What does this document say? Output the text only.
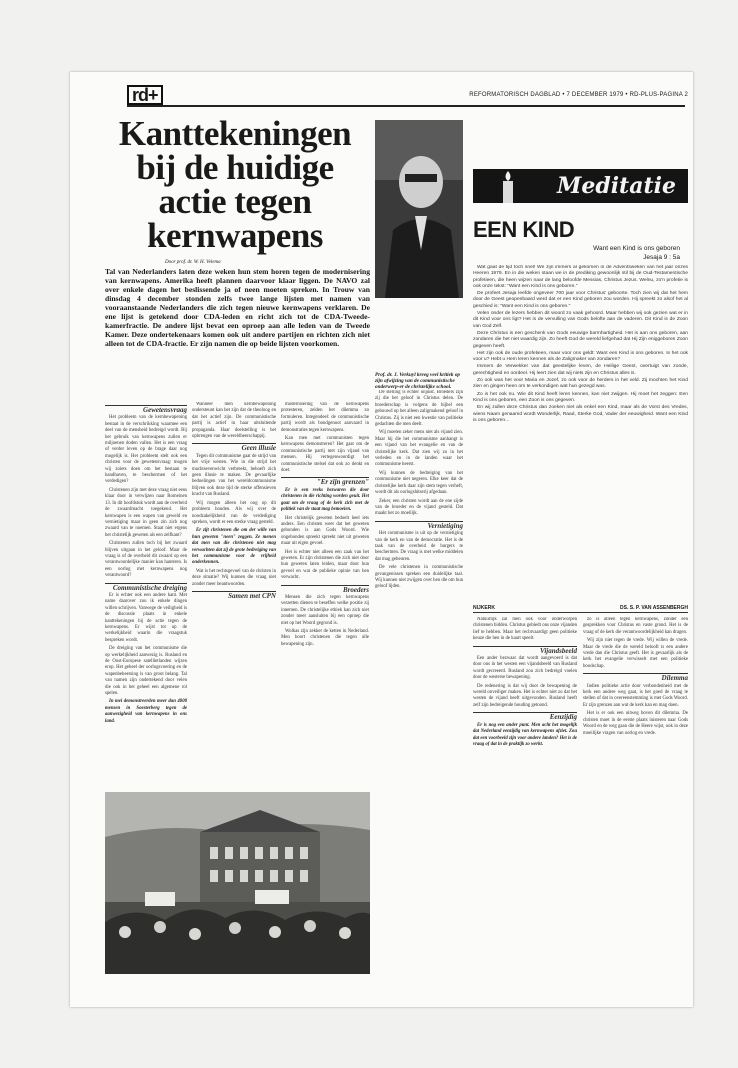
rd+	REFORMATORISCH DAGBLAD • 7 DECEMBER 1979 • RD-PLUS-PAGINA 2
Kanttekeningen bij de huidige actie tegen kernwapens
Door prof. dr. W. H. Velema
Tal van Nederlanders laten deze weken hun stem horen tegen de modernisering van kernwapens. Amerika heeft plannen daarvoor klaar liggen. De NAVO zal over enkele dagen het beslissende ja of neen moeten spreken. In Trouw van dinsdag 4 december stonden zelfs twee lange lijsten met namen van vooraanstaande Nederlanders die zich tegen nieuwe kernwapens verklaren. De ene lijst is getekend door CDA-leden en richt zich tot de CDA-Tweede-kamerfractie. De andere lijst bevat een oproep aan alle leden van de Tweede Kamer. Deze ondertekenaars komen ook uit andere partijen en richten zich niet alleen tot de CDA-fractie. Er zijn namen die op beide lijsten voorkomen.
Prof. dr. J. Verkuyl kreeg veel kritiek op zijn afwijzing van de communistische onderwerp-er de christelijke school.
Gewetensvraag

Het probleem van de kernbewapening bestaat in de verschrikking waarmee een deel van de mensheid bedreigd wordt. Bij het gebruik van kernwapens zullen er miljoenen doden vallen. Het is een vraag of verder leven op de brage daar nog mogelijk is. Het probleem stelt ook een christen voor de gewetensvraag: mogen wij zoiets doen om het bestaan te handhaven, te beschermen of het verdedigen?

Christenen zijn met deze vraag niet eens klaar door in verwijzen naar Romeinen 13. In dit hoofdstuk wordt aan de overheid de zwaardmacht toegekend. Het kernwapen is een wapen van geweld en vernietiging maar in geen zin zich nog zwaard van te noemen. Staat niet ergens het christelijk geweten als een zelfkant?

Christenen zullen toch bij het zwaard blijven uitgaan in het geloof. Maar de vraag is of de overheid dit zwaard op een verantwoordelijke manier kan hanteren. Is een oorlog met kernwapens nog verantwoord?

Communistische dreiging

Er is echter ook een andere kant. Met name daarover zou ik enkele dingen willen schrijven. Vanwege de veiligheid is de discussie plaats in enkele kanttekeningen bij de actie tegen de kernwapens. Er wijst tot op de werkelijkheid waarin die vraagstuk bespreken wordt.

De dreiging van het communisme die op werkelijkheid aanwezig is. Rusland en de Oost-Europese satellietlanden wijzen erop. Het geheel der oorlogsvoering en de wapenbeheersing is van groot belang. Tal van namen zijn ondertekend door velen die ook in het geheel een algemene rol spelen.

In mei demonstreerden meer dan 4000 mensen in Soesterberg tegen de aanwezigheid van kernwapens in ons land.

Wanneer men kernbewapening ondersteunt kan het zijn dat de theoloog en dat het actief zijn. De communistische partij is actief in haar uitsluitende propaganda. Haar doelstelling is het opbrengen van de wereldheerschappij.

Geen illusie

Tegen dit communisme gaat de strijd van het vrije westen. Wie in die strijd het machtsevenwicht verbreekt, behoeft zich geen illusie te maken. De gevaarlijke bedoelingen van het wereldcommunisme blijven ook deze tijd de sterke offensieven kracht van Rusland.

Wij mogen alleen het oog op dit probleem houden. Als wij over de noodzakelijkheid van de verdediging spreken, wordt er een sterke vraag gesteld.

Er zijt christenen die om der wille van hun geweten "neen" zeggen. Ze menen dat men van die christenen niet mag verwachten dat zij de grote bedreiging van het communisme voor de vrijheid onderkennen.

Wat is het rechtsgevoel van de christen in deze situatie? Wij kunnen die vraag niet zonder meer beantwoorden.

Samen met CPN

modernisering van de kernwapens protesteren, zelden het dilemma zo formuleren. Integendeel: de communistische partij wordt als bondgenoot aanvaard in demonstraties tegen kernwapens.

Kan men met communisten tegen kernwapens demonstreren? Het gaat om de communistische partij met zijn vijand van mensen. Hij vertegenwoordigt het communistische stelsel dat ook zo denkt en doet.

"Er zijn grenzen"

Er is een reeks bezwaren die door christenen in die richting worden geuit. Het gaat om de vraag of de kerk zich met de politiek van de staat mag bemoeien.

Het christelijk geweten bedoelt heel iets anders. Een christen weet dat het geweten gebonden is aan Gods Woord. Wie ongebonden spreekt spreekt niet uit geweten maar uit eigen gevoel.

Het is echter niet alleen een zaak van het geweten. Er zijn christenen die zich niet door hun geweten laten leiden, maar door hun gevoel en wat de publieke opinie van hen verwacht.

Broeders

Mensen die zich tegen kernwapens verzetten dienen te beseffen welke positie zij innemen. De christelijke ethiek kan zich niet zonder meer aansluiten bij een oproep die niet op het Woord gegrond is.

Wolkas zijn zekker de ketten in Nederland. Men hoort christenen die tegen alle bewapening zijn.

De stelling is echter onjuist. Broeders zijn zij die het geloof in Christus delen. De broederschap is volgens de bijbel een gebouwd op het alleen zaligmakend geloof in Christus. Zij is niet een kwestie van politieke gedachten die men deelt.

Wij moeten zeker mens niet als vijand zien. Maar hij die het communisme aanhangt is een vijand van het evangelie en van de christelijke kerk. Dat zien wij zo in het verleden en in de landen waar het communisme heerst.

Wij kunnen de bedreiging van het communisme niet negeren. Elke keer dat de christelijke kerk daar zijn stem tegen verheft, wordt dit als oorlogshitserij afgedaan.

Zeker, een christen wordt aan de ene zijde van de broeder en de vijand gesteld. Dat maakt het zo moeilijk.

Vernietiging

Het communisme is uit op de vernietiging van de kerk en van de democratie. Het is de taak van de overheid de burgers te beschermen. De vraag is met welke middelen dat mag gebeuren.

De vele christenen in communistische gevangenissen spreken een duidelijke taal. Wij kunnen niet zwijgen over hen die om hun geloof lijden.

Meditatie
EEN KIND
Want een Kind is ons geboren
Jesaja 9 : 5a

Wat gaat de tijd toch snel! We zijn immers al gekomen in de Adventsweken van het jaar onzes Heeren 1979. En in die weken staan we in de prediking gewoonlijk stil bij de Oud-Testamentische profetieen, die heen wijzen naar de lang beloofde Messias, Christus Jezus. Welnu, zo'n profetie is ook onze tekst: "Want een Kind is ons geboren."

De profeet Jesaja leefde ongeveer 700 jaar voor Christus' geboorte. Toch zien wij dat het hem door de Geest geopenbaard werd dat er een Kind geboren zou worden. Hij spreekt zo alsof het al geschied is: "Want een Kind is ons geboren."

Velen onder de lezers hebben dit woord zo vaak gehoord. Maar hebben wij ook gezien wat er in dit Kind voor ons ligt? Het is de vervulling van Gods belofte aan de vaderen. Dit Kind is de Zoon van God Zelf.

Deze Christus is een geschenk van Gods eeuwige barmhartigheid. Het is aan ons geboren, aan zondaren die het niet waardig zijn. Zo heeft God de wereld liefgehad dat Hij Zijn eniggeboren Zoon gegeven heeft.

Het zijn ook de oude profetieen, maar voor ons geldt: Want een Kind is ons geboren. Is het ook voor u? Hebt u Hem leren kennen als de Zaligmaker van zondaren?

Immers de Verwekker van dat geestelijke leven, de Heilige Geest, overtuigt van zonde, gerechtigheid en oordeel. Hij leert zien dat wij niets zijn en Christus alles is.

Zo ook was het voor Maria en Jozef, zo ook voor de herders in het veld. Zij mochten het Kind zien en gingen heen om te verkondigen wat hun gezegd was.

Zo is het ook nu. Wie dit Kind heeft leren kennen, kan niet zwijgen. Hij moet het zeggen: Een Kind is ons geboren, een Zoon is ons gegeven.

En wij zullen deze Christus dan zoeken niet als enkel een Kind, maar als de Vorst des Vredes, wiens Naam genaamd wordt Wonderlijk, Raad, Sterke God, Vader der eeuwigheid. Want een Kind is ons geboren...

NIJKERK	DS. S. P. VAN ASSENBERGH

Natuurlijk zal men ook voor onderworpen christenen bidden. Christus gebiedt ons onze vijanden lief te hebben. Maar het rechtvaardigt geen politieke keuze die hen in de kaart speelt.

Vijandsbeeld

Een ander bezwaar dat wordt aangevoerd is dat door ons in het westen een vijandsbeeld van Rusland wordt gecreeerd. Rusland zou zich bedreigd voelen door de westerse bewapening.

De redenering is dat wij door de bewapening de wereld onveiliger maken. Het is echter niet zo dat het westen de vijand heeft uitgevonden. Rusland heeft zelf zijn bedreigende houding getoond.

Eenzijdig

Er is nog een ander punt. Men acht het mogelijk dat Nederland eenzijdig van kernwapens afziet. Zou dat een voorbeeld zijn voor andere landen? Het is de vraag of dat in de praktijk zo werkt.

zo is alleen tegen kernwapens, zonder een gesprekken voor Christus en vaste grond. Het is de vraag of de kerk die verantwoordelijkheid kan dragen.

Wij zijn niet tegen de vrede. Wij willen de vrede. Maar de vrede die de wereld belooft is een andere vrede dan die Christus geeft. Het is gevaarlijk als de kerk het evangelie verwisselt met een politieke boodschap.

Dilemma

Indien politieke actie door verbondenheid met de kerk een andere weg gaat, is het goed de vraag te stellen of dat in overeenstemming is met Gods Woord. Er zijn grenzen aan wat de kerk kan en mag doen.

Het is er ook een uitweg boven dit dilemma. De christen moet in de eerste plaats luisteren naar Gods Woord en de weg gaan die de Heere wijst, ook in deze moeilijke vragen van oorlog en vrede.
